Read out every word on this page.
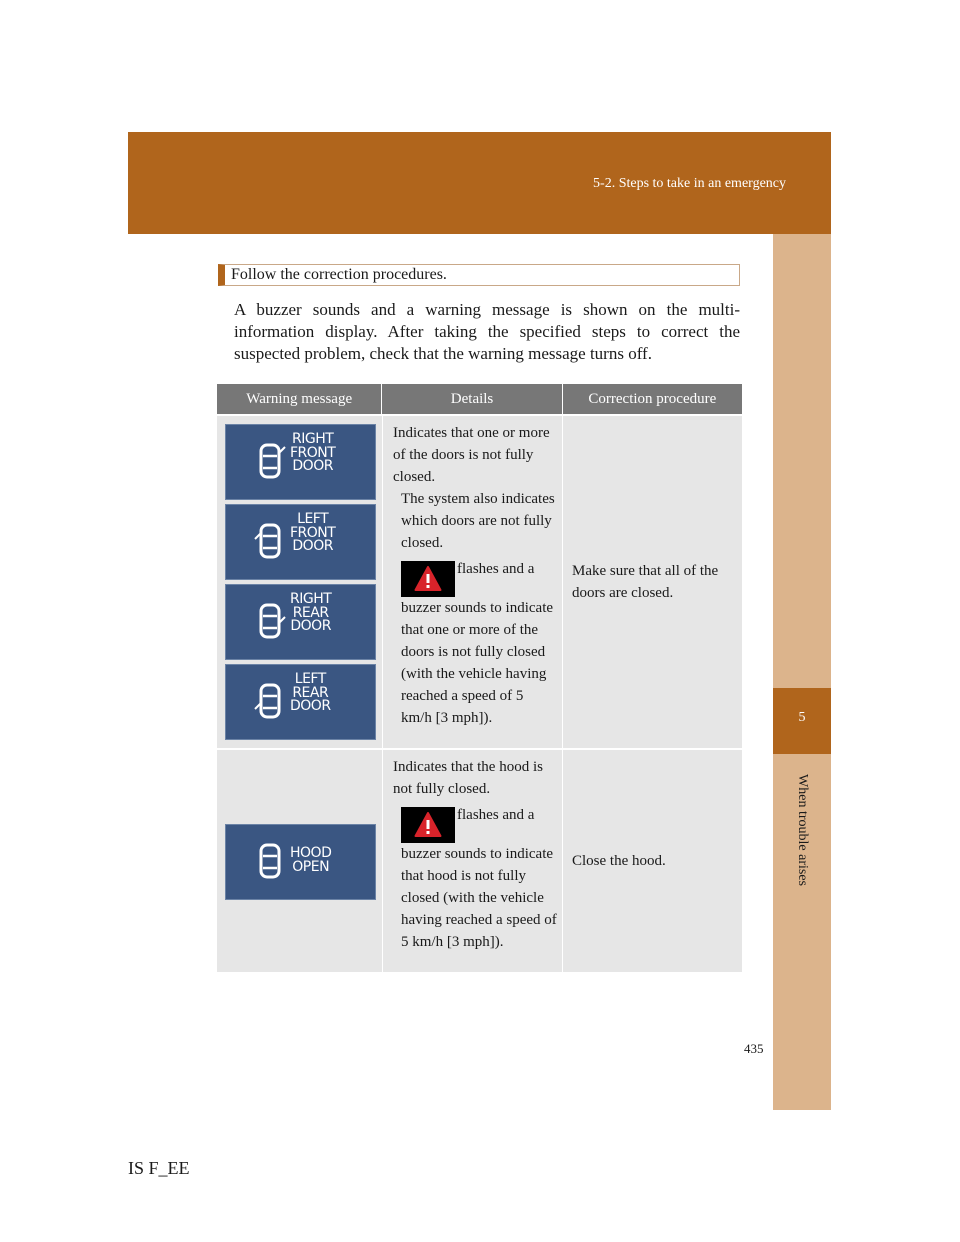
5-2. Steps to take in an emergency
5
When trouble arises
Follow the correction procedures.

A buzzer sounds and a warning message is shown on the multi-information display. After taking the specified steps to correct the suspected problem, check that the warning message turns off.

Warning message	Details	Correction procedure
RIGHT
FRONT
DOOR
LEFT
FRONT
DOOR
RIGHT
REAR
DOOR
LEFT
REAR
DOOR
Indicates that one or more of the doors is not fully closed.
The system also indicates which doors are not fully closed.
flashes and a
buzzer sounds to indicate that one or more of the doors is not fully closed (with the vehicle having reached a speed of 5 km/h [3 mph]).
Make sure that all of the doors are closed.
HOOD
OPEN
Indicates that the hood is not fully closed.
flashes and a
buzzer sounds to indicate that hood is not fully closed (with the vehicle having reached a speed of 5 km/h [3 mph]).
Close the hood.
435
IS F_EE
